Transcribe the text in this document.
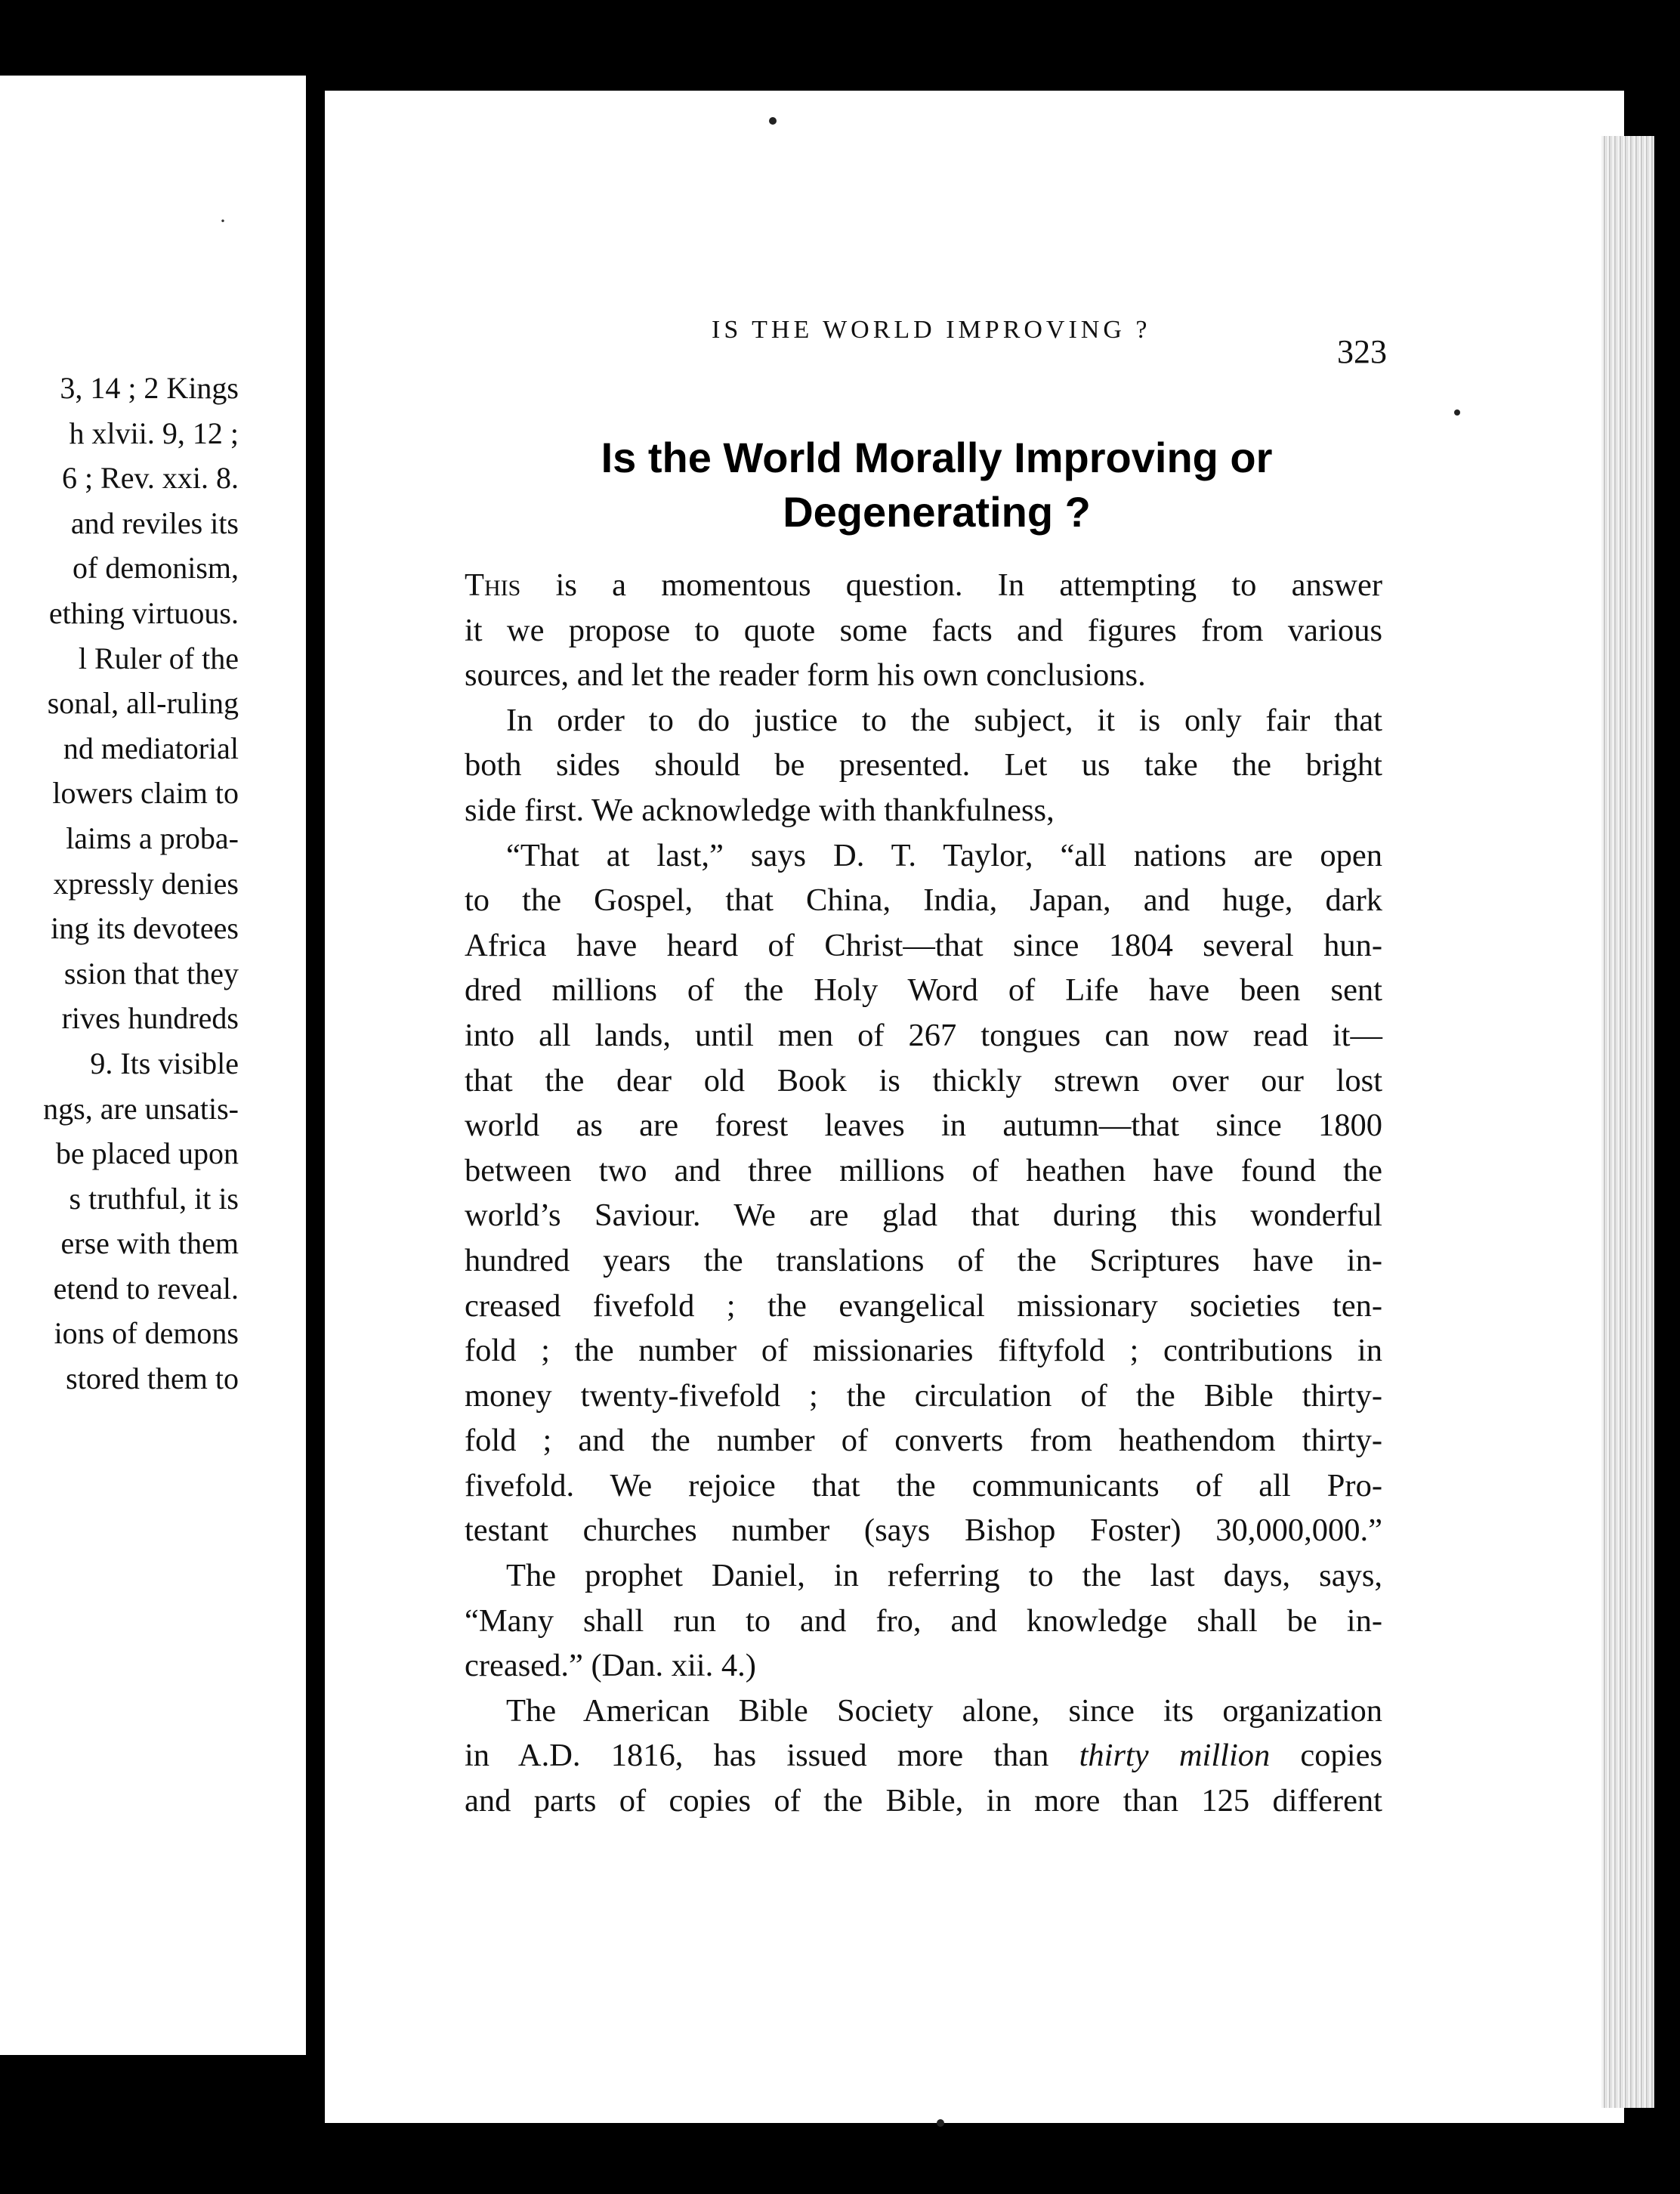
·
3, 14 ; 2 Kings
h xlvii. 9, 12 ;
6 ; Rev. xxi. 8.
and reviles its
of demonism,
ething virtuous.
l Ruler of the
sonal, all-ruling
nd mediatorial
lowers claim to
laims a proba-
xpressly denies
ing its devotees
ssion that they
rives hundreds
9. Its visible
ngs, are unsatis-
be placed upon
s truthful, it is
erse with them
etend to reveal.
ions of demons
stored them to
IS THE WORLD IMPROVING ?
323
Is the World Morally Improving or
Degenerating ?

This is a momentous question. In attempting to answer
it we propose to quote some facts and figures from various
sources, and let the reader form his own conclusions.

In order to do justice to the subject, it is only fair that
both sides should be presented. Let us take the bright
side first. We acknowledge with thankfulness,

“That at last,” says D. T. Taylor, “all nations are open
to the Gospel, that China, India, Japan, and huge, dark
Africa have heard of Christ—that since 1804 several hun-
dred millions of the Holy Word of Life have been sent
into all lands, until men of 267 tongues can now read it—
that the dear old Book is thickly strewn over our lost
world as are forest leaves in autumn—that since 1800
between two and three millions of heathen have found the
world’s Saviour. We are glad that during this wonderful
hundred years the translations of the Scriptures have in-
creased fivefold ; the evangelical missionary societies ten-
fold ; the number of missionaries fiftyfold ; contributions in
money twenty-fivefold ; the circulation of the Bible thirty-
fold ; and the number of converts from heathendom thirty-
fivefold. We rejoice that the communicants of all Pro-
testant churches number (says Bishop Foster) 30,000,000.”

The prophet Daniel, in referring to the last days, says,
“Many shall run to and fro, and knowledge shall be in-
creased.” (Dan. xii. 4.)

The American Bible Society alone, since its organization
in A.D. 1816, has issued more than thirty million copies
and parts of copies of the Bible, in more than 125 different
